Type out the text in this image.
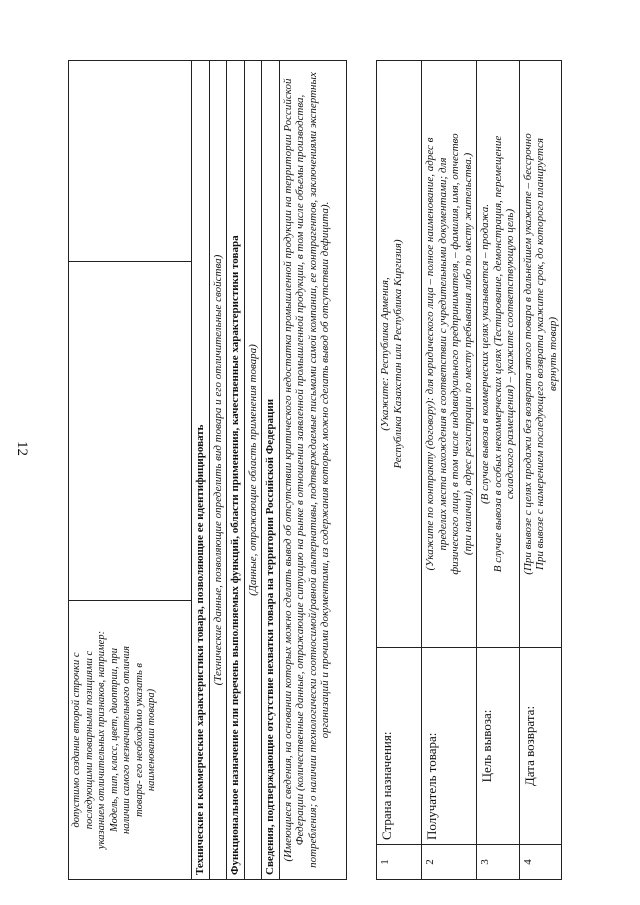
12
допустимо создание второй строчки с последующими товарными позициями с указанием отличительных признаков, например: Модель, тип, класс, цвет, диоптрии, при наличии самого незначительного отличия товара- его необходимо указать в наименовании товара)

Технические и коммерческие характеристики товара, позволяющие ее идентифицировать
(Технические данные, позволяющие определить вид товара и его отличительные свойства)
Функциональное назначение или перечень выполняемых функций, области применения, качественные характеристики товара
(Данные, отражающие область применения товара)
Сведения, подтверждающие отсутствие нехватки товара на территории Российской Федерации
(Имеющиеся сведения, на основании которых можно сделать вывод об отсутствии критического недостатка промышленной продукции на территории Российской Федерации (количественные данные, отражающие ситуацию на рынке в отношении заявленной промышленной продукции, в том числе объемы производства, потребления; о наличии технологически соотносимой/равной альтернативы, подтверждаемые письмами самой компании, ее контрагентов, заключениями экспертных организаций и прочими документами, из содержания которых можно сделать вывод об отсутствии дефицита).
1	Страна назначения:	(Укажите: Республика Армения, Республика Казахстан или Республика Киргизия)

2	Получатель товара:	(Укажите по контракту (договору): для юридического лица – полное наименование, адрес в пределах места нахождения в соответствии с учредительными документами; для физического лица, в том числе индивидуального предпринимателя, – фамилия, имя, отчество (при наличии), адрес регистрации по месту пребывания либо по месту жительства.)

3	Цель вывоза:	(В случае вывоза в коммерческих целях указывается – продажа. В случае вывоза в особых некоммерческих целях (Тестирование, демонстрация, перемещение складского размещения) – укажите соответствующую цель)

4	Дата возврата:	(При вывозе с целях продажи без возврата этого товара в дальнейшем укажите – бессрочно При вывозе с намерением последующего возврата укажите срок, до которого планируется вернуть товар)
